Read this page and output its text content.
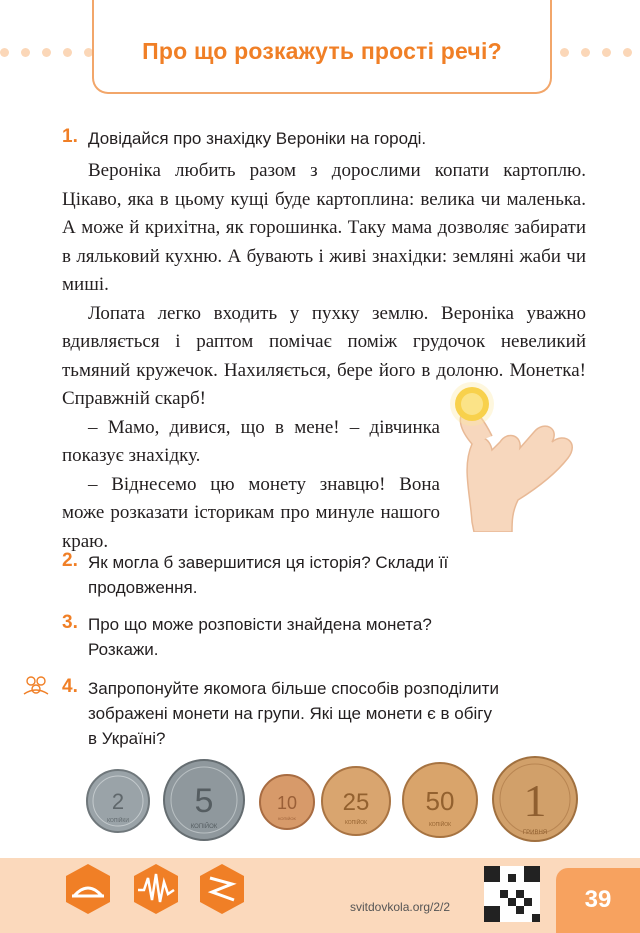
Про що розкажуть прості речі?
1. Довідайся про знахідку Вероніки на городі.

Вероніка любить разом з дорослими копати картоплю. Цікаво, яка в цьому кущі буде картоплина: велика чи маленька. А може й крихітна, як горошинка. Таку мама дозволяє забирати в ляльковий кухню. А бувають і живі знахідки: земляні жаби чи миші.

Лопата легко входить у пухку землю. Вероніка уважно вдивляється і раптом помічає поміж грудочок невеликий тьмяний кружечок. Нахиляється, бере його в долоню. Монетка! Справжній скарб!

– Мамо, дивися, що в мене! – дівчинка показує знахідку.

– Віднесемо цю монету знавцю! Вона може розказати історикам про минуле нашого краю.

2. Як могла б завершитися ця історія? Склади її
продовження.
3. Про що може розповісти знайдена монета?
Розкажи.
4. Запропонуйте якомога більше способів розподілити
зображені монети на групи. Які ще монети є в обігу
в Україні?
2
КОПІЙКИ
5
КОПІЙОК
10
КОПІЙОК
25
КОПІЙОК
50
КОПІЙОК 1
ГРИВНЯ
svitdovkola.org/2/2	39
